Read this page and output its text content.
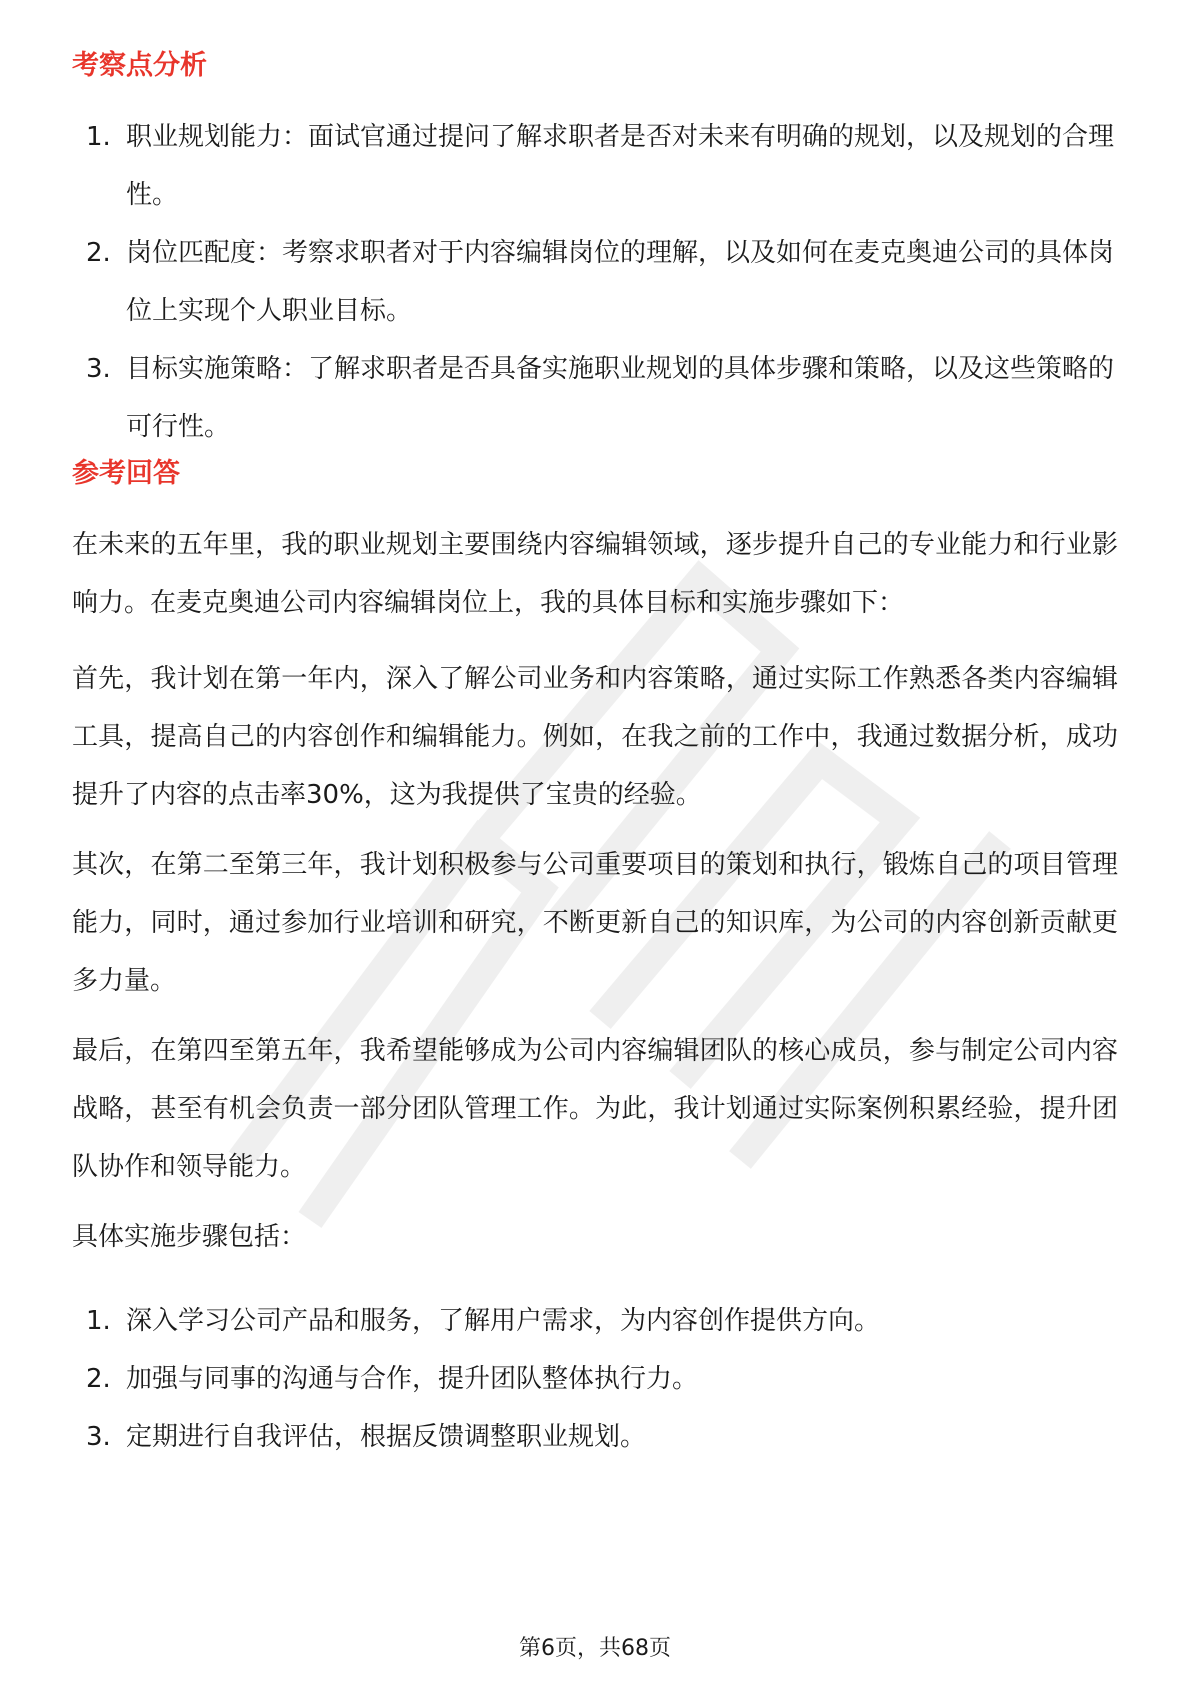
考察点分析
1. 职业规划能力：面试官通过提问了解求职者是否对未来有明确的规划，以及规划的合理性。
2. 岗位匹配度：考察求职者对于内容编辑岗位的理解，以及如何在麦克奥迪公司的具体岗位上实现个人职业目标。
3. 目标实施策略：了解求职者是否具备实施职业规划的具体步骤和策略，以及这些策略的可行性。
参考回答

在未来的五年里，我的职业规划主要围绕内容编辑领域，逐步提升自己的专业能力和行业影响力。在麦克奥迪公司内容编辑岗位上，我的具体目标和实施步骤如下：

首先，我计划在第一年内，深入了解公司业务和内容策略，通过实际工作熟悉各类内容编辑工具，提高自己的内容创作和编辑能力。例如，在我之前的工作中，我通过数据分析，成功提升了内容的点击率30%，这为我提供了宝贵的经验。

其次，在第二至第三年，我计划积极参与公司重要项目的策划和执行，锻炼自己的项目管理能力，同时，通过参加行业培训和研究，不断更新自己的知识库，为公司的内容创新贡献更多力量。

最后，在第四至第五年，我希望能够成为公司内容编辑团队的核心成员，参与制定公司内容战略，甚至有机会负责一部分团队管理工作。为此，我计划通过实际案例积累经验，提升团队协作和领导能力。

具体实施步骤包括：

1. 深入学习公司产品和服务，了解用户需求，为内容创作提供方向。
2. 加强与同事的沟通与合作，提升团队整体执行力。
3. 定期进行自我评估，根据反馈调整职业规划。
第6页，共68页
